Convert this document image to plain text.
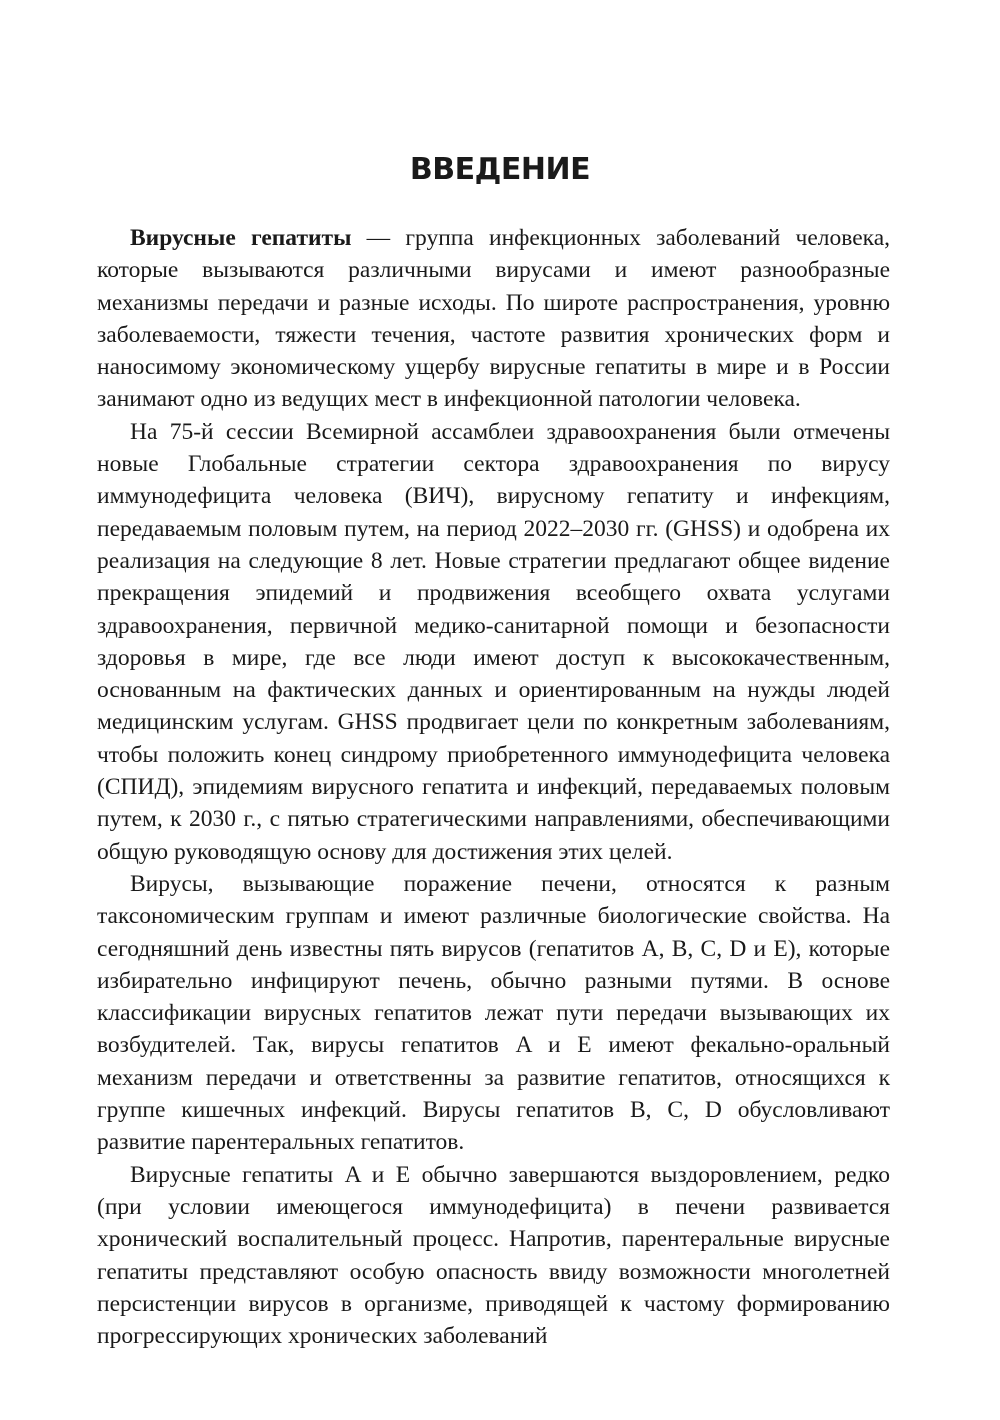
ВВЕДЕНИЕ

Вирусные гепатиты — группа инфекционных заболеваний человека, которые вызываются различными вирусами и имеют разнообразные механизмы передачи и разные исходы. По широте распространения, уровню заболеваемости, тяжести течения, частоте развития хронических форм и наносимому экономическому ущербу вирусные гепатиты в мире и в России занимают одно из ведущих мест в инфекционной патологии человека.

На 75-й сессии Всемирной ассамблеи здравоохранения были отмечены новые Глобальные стратегии сектора здравоохранения по вирусу иммунодефицита человека (ВИЧ), вирусному гепатиту и инфекциям, передаваемым половым путем, на период 2022–2030 гг. (GHSS) и одобрена их реализация на следующие 8 лет. Новые стратегии предлагают общее видение прекращения эпидемий и продвижения всеобщего охвата услугами здравоохранения, первичной медико-санитарной помощи и безопасности здоровья в мире, где все люди имеют доступ к высококачественным, основанным на фактических данных и ориентированным на нужды людей медицинским услугам. GHSS продвигает цели по конкретным заболеваниям, чтобы положить конец синдрому приобретенного иммунодефицита человека (СПИД), эпидемиям вирусного гепатита и инфекций, передаваемых половым путем, к 2030 г., с пятью стратегическими направлениями, обеспечивающими общую руководящую основу для достижения этих целей.

Вирусы, вызывающие поражение печени, относятся к разным таксономическим группам и имеют различные биологические свойства. На сегодняшний день известны пять вирусов (гепатитов A, B, C, D и E), которые избирательно инфицируют печень, обычно разными путями. В основе классификации вирусных гепатитов лежат пути передачи вызывающих их возбудителей. Так, вирусы гепатитов A и E имеют фекально-оральный механизм передачи и ответственны за развитие гепатитов, относящихся к группе кишечных инфекций. Вирусы гепатитов B, C, D обусловливают развитие парентеральных гепатитов.

Вирусные гепатиты A и E обычно завершаются выздоровлением, редко (при условии имеющегося иммунодефицита) в печени развивается хронический воспалительный процесс. Напротив, парентеральные вирусные гепатиты представляют особую опасность ввиду возможности многолетней персистенции вирусов в организме, приводящей к частому формированию прогрессирующих хронических заболеваний
